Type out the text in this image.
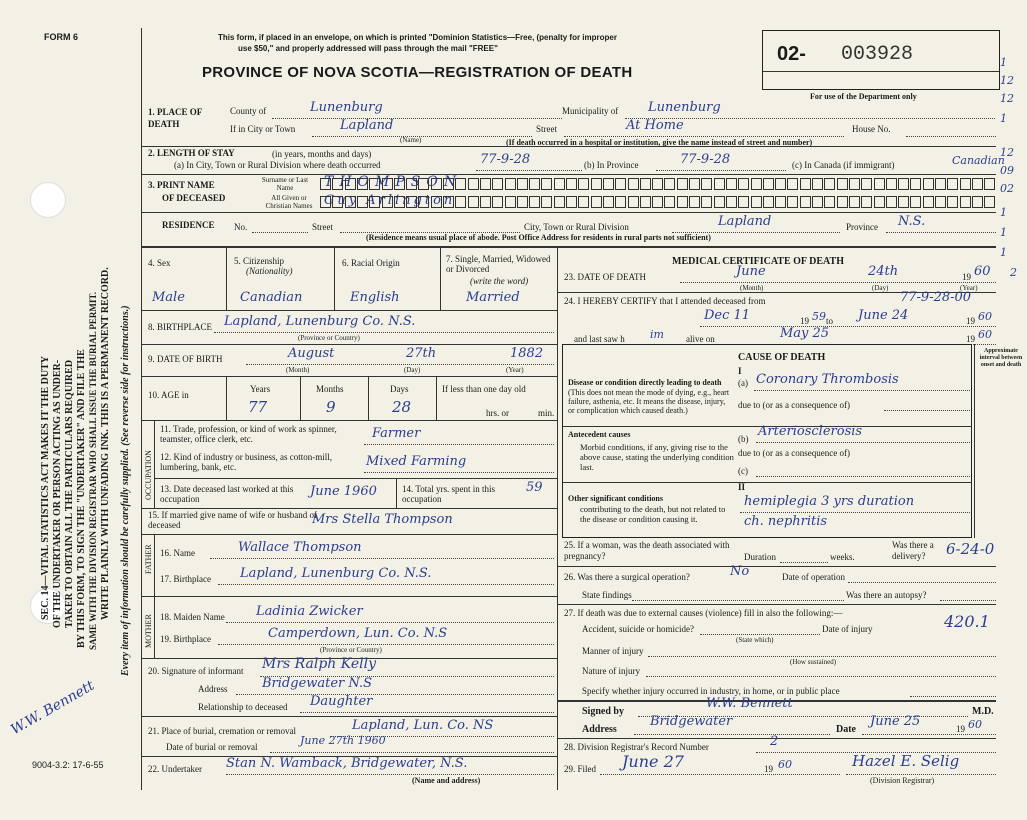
FORM 6
SEC. 14—VITAL STATISTICS ACT MAKES IT THE DUTY OF THE UNDERTAKER OR PERSON ACTING AS UNDER- TAKER TO OBTAIN ALL THE PARTICULARS REQUIRED BY THIS FORM, TO SIGN THE "UNDERTAKER" AND FILE THE SAME WITH THE DIVISION REGISTRAR WHO SHALL ISSUE THE BURIAL PERMIT. WRITE PLAINLY WITH UNFADING INK. THIS IS A PERMANENT RECORD. Every item of information should be carefully supplied. (See reverse side for instructions.)
W.W. Bennett
9004-3.2: 17-6-55
This form, if placed in an envelope, on which is printed "Dominion Statistics—Free, (penalty for improper
use $50," and properly addressed will pass through the mail "FREE"
PROVINCE OF NOVA SCOTIA—REGISTRATION OF DEATH
02- 003928
For use of the Department only
1
12
12
1
12
09
02
1
1
1
2
1. PLACE OF DEATH
County of	Lunenburg	Municipality of Lunenburg
If in City or Town	Lapland
(Name)
Street	At Home	House No.
(If death occurred in a hospital or institution, give the name instead of street and number)
2. LENGTH OF STAY	(in years, months and days)
(a) In City, Town or Rural Division where death occurred	77-9-28	(b) In Province	77-9-28	(c) In Canada (if immigrant)	Canadian
3. PRINT NAME
OF DECEASED
Surname or Last Name
All Given or Christian Names
THOMPSON
Guy Arlington
RESIDENCE No.	Street	City, Town or Rural Division	Lapland	Province N.S.
(Residence means usual place of abode. Post Office Address for residents in rural parts not sufficient)
4. Sex	5. Citizenship
(Nationality)
6. Racial Origin	7. Single, Married, Widowed or Divorced
(write the word)
Male	Canadian	English	Married
8. BIRTHPLACE Lapland, Lunenburg Co. N.S.
(Province or Country)
9. DATE OF BIRTH	August	27th	1882
(Month)	(Day)	(Year)
10. AGE in
Years	Months	Days	If less than one day old
77	9	28	hrs. or	min.
OCCUPATION
11. Trade, profession, or kind of work as spinner, teamster, office clerk, etc.	Farmer
12. Kind of industry or business, as cotton-mill, lumbering, bank, etc.	Mixed Farming
13. Date deceased last worked at this occupation	June 1960	14. Total yrs. spent in this occupation
59
15. If married give name of wife or husband of deceased	Mrs Stella Thompson
FATHER 16. Name	Wallace Thompson
17. Birthplace Lapland, Lunenburg Co. N.S.
MOTHER 18. Maiden Name Ladinia Zwicker
19. Birthplace	Camperdown, Lun. Co. N.S
(Province or Country)
20. Signature of informant Mrs Ralph Kelly
Address	Bridgewater N.S
Relationship to deceased Daughter
21. Place of burial, cremation or removal	Lapland, Lun. Co. NS
Date of burial or removal	June 27th 1960
22. Undertaker Stan N. Wamback, Bridgewater, N.S.
(Name and address)
MEDICAL CERTIFICATE OF DEATH
23. DATE OF DEATH	June	24th	19 60
(Month)	(Day)	(Year)
24. I HEREBY CERTIFY that I attended deceased from	77-9-28-00
Dec 11	19 59 to June 24	19 60
and last saw h im alive on	May 25	19 60
CAUSE OF DEATH
Approximate interval between onset and death
I
Disease or condition directly leading to death
(This does not mean the mode of dying, e.g., heart failure, asthenia, etc. It means the disease, injury, or complication which caused death.)
(a) Coronary Thrombosis
due to (or as a consequence of)
Antecedent causes
Morbid conditions, if any, giving rise to the above cause, stating the underlying condition last.
(b) Arteriosclerosis
due to (or as a consequence of)
(c)
II
Other significant conditions
contributing to the death, but not related to the disease or condition causing it.
hemiplegia 3 yrs duration
ch. nephritis
25. If a woman, was the death associated with pregnancy?	Duration	weeks.
Was there a delivery?	6-24-0
26. Was there a surgical operation?	No	Date of operation
State findings	Was there an autopsy?
27. If death was due to external causes (violence) fill in also the following:—
Accident, suicide or homicide?
(State which)
Date of injury	420.1
Manner of injury
(How sustained)
Nature of injury
Specify whether injury occurred in industry, in home, or in public place
Signed by
W.W. Bennett
M.D.
Address
Bridgewater
Date
June 25	19 60
28. Division Registrar's Record Number	2
29. Filed June 27	19 60	Hazel E. Selig
(Division Registrar)
